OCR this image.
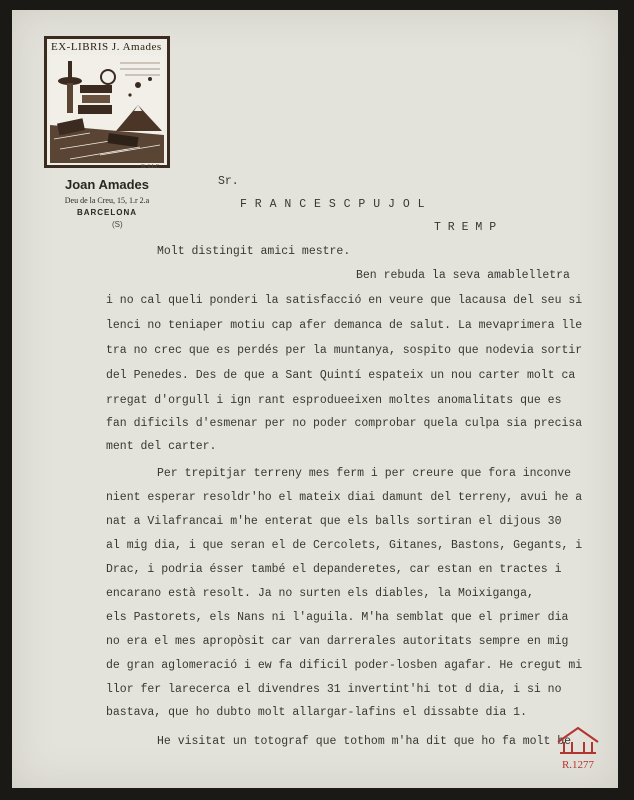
EX-LIBRIS J. Amades
B. LLC
Joan Amades
Deu de la Creu, 15, 1.r 2.a
BARCELONA
(S)
Sr.
F R A N C E S C P U J O L
T R E M P
Molt distingit amici mestre.
Ben rebuda la seva amablelletra
i no cal queli ponderi la satisfacció en veure que lacausa del seu si
lenci no teniaper motiu cap afer demanca de salut. La mevaprimera lle
tra no crec que es perdés per la muntanya, sospito que nodevia sortir
del Penedes. Des de que a Sant Quintí espateix un nou carter molt ca
rregat d'orgull i ign rant esprodueeixen moltes anomalitats que es
fan dificils d'esmenar per no poder comprobar quela culpa sia precisa
ment del carter.
Per trepitjar terreny mes ferm i per creure que fora inconve
nient esperar resoldr'ho el mateix diai damunt del terreny, avui he a
nat a Vilafrancai m'he enterat que els balls sortiran el dijous 30
al mig dia, i que seran el de Cercolets, Gitanes, Bastons, Gegants, i
Drac, i podria ésser també el depanderetes, car estan en tractes i
encarano està resolt. Ja no surten els diables, la Moixiganga,
els Pastorets, els Nans ni l'aguila. M'ha semblat que el primer dia
no era el mes apropòsit car van darrerales autoritats sempre en mig
de gran aglomeració i ew fa dificil poder-losben agafar. He cregut mi
llor fer larecerca el divendres 31 invertint'hi tot d dia, i si no
bastava, que ho dubto molt allargar-lafins el dissabte dia 1.
He visitat un totograf que tothom m'ha dit que ho fa molt be
R.1277
